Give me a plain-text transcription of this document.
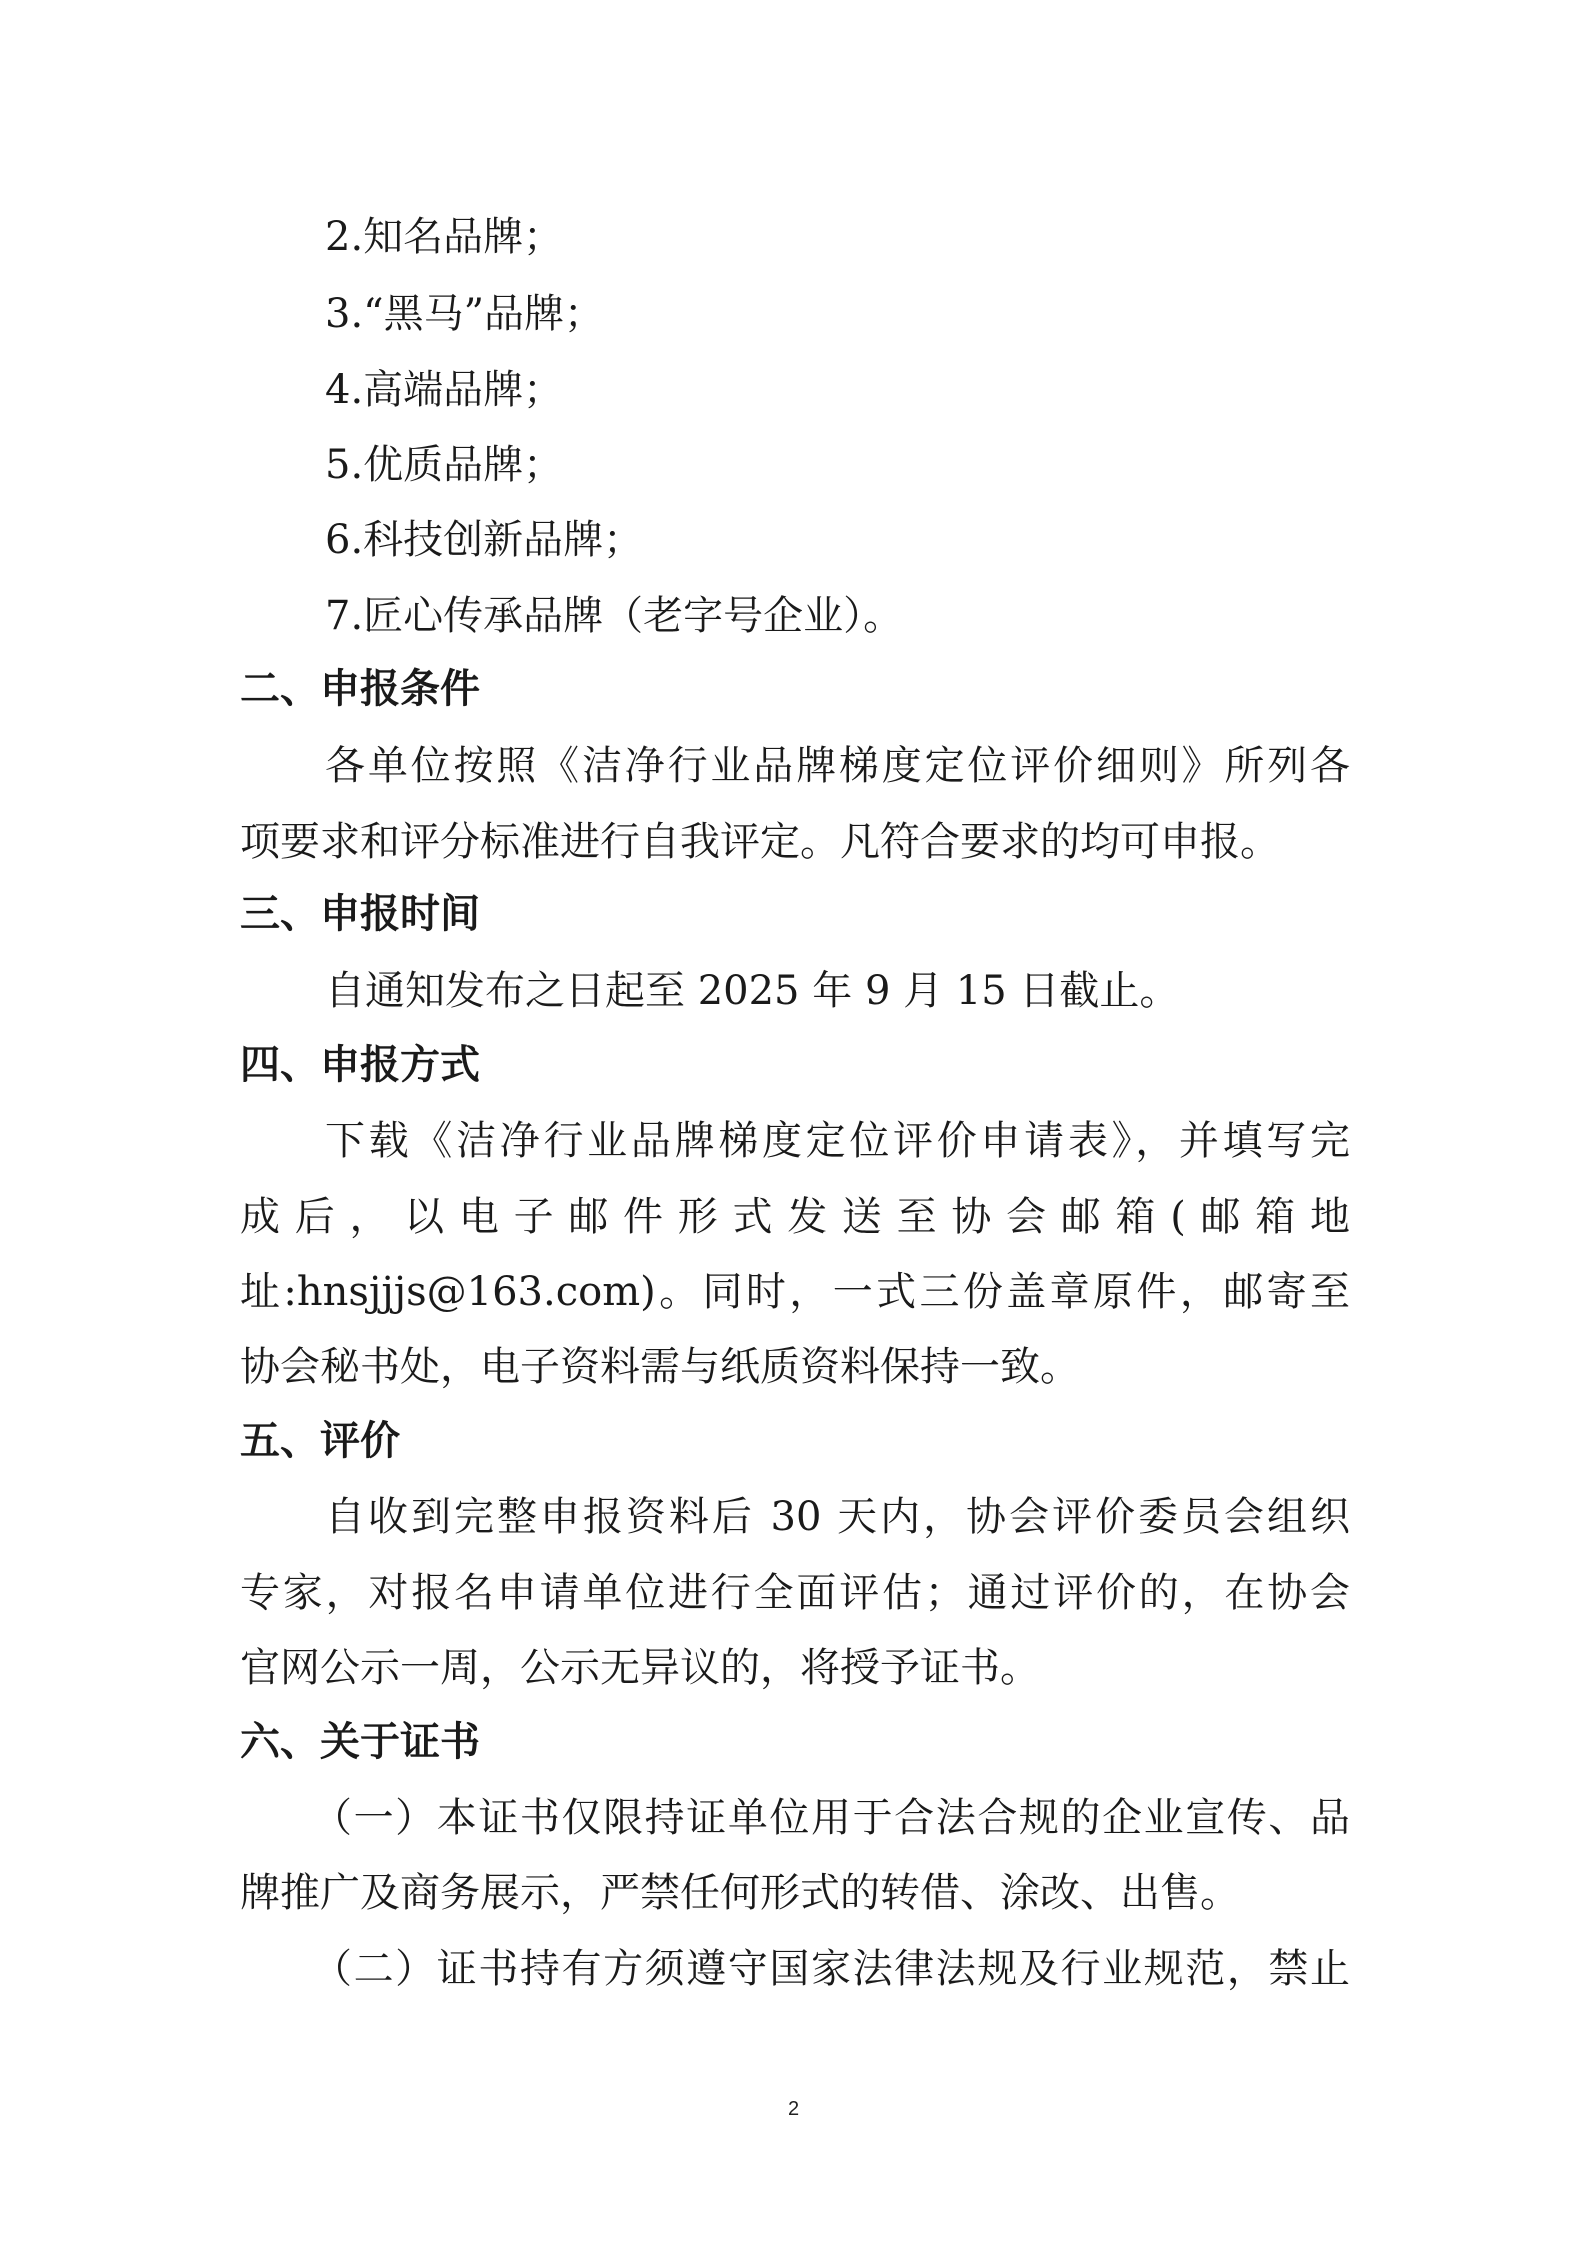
2.知名品牌；
3.“黑马”品牌；
4.高端品牌；
5.优质品牌；
6.科技创新品牌；
7.匠心传承品牌（老字号企业）。
二、申报条件
各单位按照《洁净行业品牌梯度定位评价细则》所列各
项要求和评分标准进行自我评定。凡符合要求的均可申报。
三、申报时间
自通知发布之日起至 2025 年 9 月 15 日截止。
四、申报方式
下载《洁净行业品牌梯度定位评价申请表》，并填写完
成后，以电子邮件形式发送至协会邮箱(邮箱地
址:hnsjjjs@163.com)。同时，一式三份盖章原件，邮寄至
协会秘书处，电子资料需与纸质资料保持一致。
五、评价
自收到完整申报资料后 30 天内，协会评价委员会组织
专家，对报名申请单位进行全面评估；通过评价的，在协会
官网公示一周，公示无异议的，将授予证书。
六、关于证书
（一）本证书仅限持证单位用于合法合规的企业宣传、品
牌推广及商务展示，严禁任何形式的转借、涂改、出售。
（二）证书持有方须遵守国家法律法规及行业规范，禁止
2
